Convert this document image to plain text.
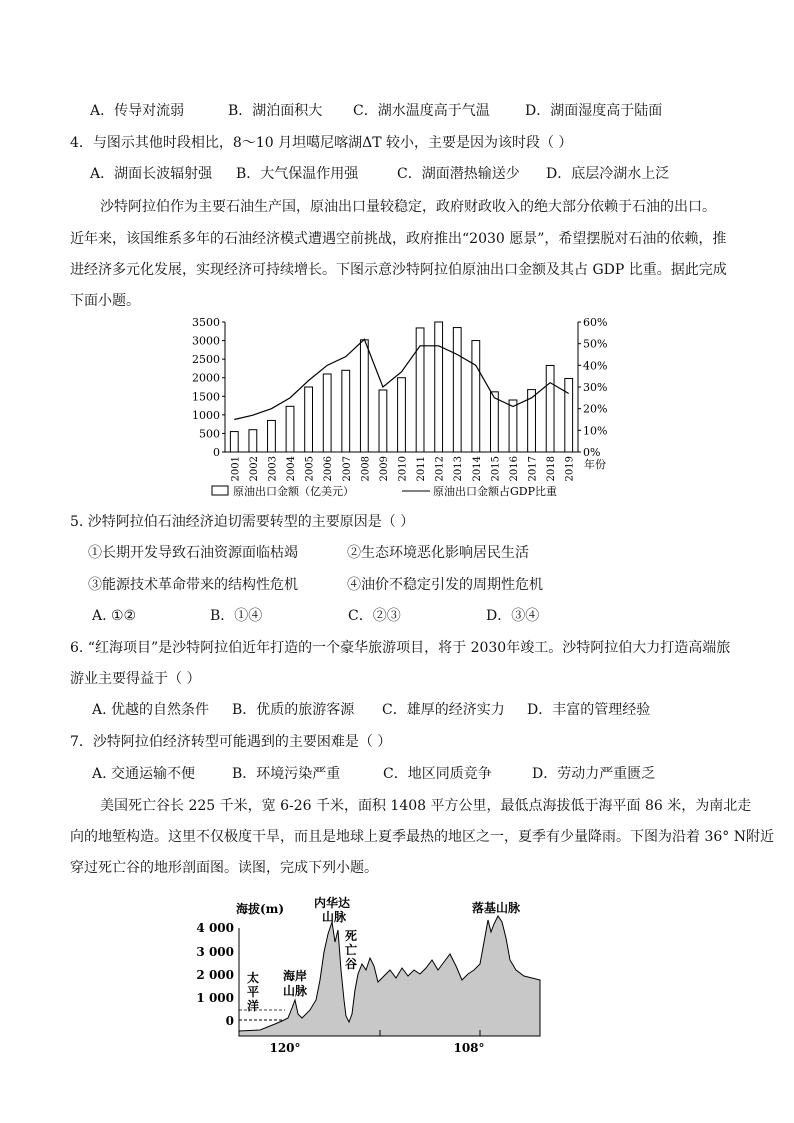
A．传导对流弱	B．湖泊面积大 C．湖水温度高于气温	D．湖面湿度高于陆面
4．与图示其他时段相比，8～10 月坦噶尼喀湖ΔT 较小，主要是因为该时段（ ）
A．湖面长波辐射强 B．大气保温作用强	C．湖面潜热输送少 D．底层冷湖水上泛
沙特阿拉伯作为主要石油生产国，原油出口量较稳定，政府财政收入的绝大部分依赖于石油的出口。
近年来，该国维系多年的石油经济模式遭遇空前挑战，政府推出“2030 愿景”，希望摆脱对石油的依赖，推
进经济多元化发展，实现经济可持续增长。下图示意沙特阿拉伯原油出口金额及其占 GDP 比重。据此完成
下面小题。
0
500
1000
1500
2000
2500
3000
3500
0%
10%
20%
30%
40%
50%
60%
2001 2002 2003 2004 2005 2006 2007 2008 2009 2010 2011 2012 2013 2014 2015 2016 2017 2018 2019 年份
原油出口金额（亿美元）	原油出口金额占GDP比重
5. 沙特阿拉伯石油经济迫切需要转型的主要原因是（ ）
①长期开发导致石油资源面临枯竭	②生态环境恶化影响居民生活
③能源技术革命带来的结构性危机	④油价不稳定引发的周期性危机
A. ①②	B．①④	C．②③	D．③④
6. “红海项目”是沙特阿拉伯近年打造的一个豪华旅游项目，将于 2030年竣工。沙特阿拉伯大力打造高端旅
游业主要得益于（ ）
A. 优越的自然条件 B．优质的旅游客源 C．雄厚的经济实力 D．丰富的管理经验
7．沙特阿拉伯经济转型可能遇到的主要困难是（ ）
A. 交通运输不便	B．环境污染严重	C．地区同质竞争	D．劳动力严重匮乏
美国死亡谷长 225 千米，宽 6-26 千米，面积 1408 平方公里，最低点海拔低于海平面 86 米，为南北走
向的地堑构造。这里不仅极度干旱，而且是地球上夏季最热的地区之一，夏季有少量降雨。下图为沿着 36° N附近
穿过死亡谷的地形剖面图。读图，完成下列小题。
海拔(m)
4 000
3 000
2 000
1 000
0
太
平
洋
海岸
山脉
内华达
山脉
死
亡
谷
落基山脉
120°	108°
